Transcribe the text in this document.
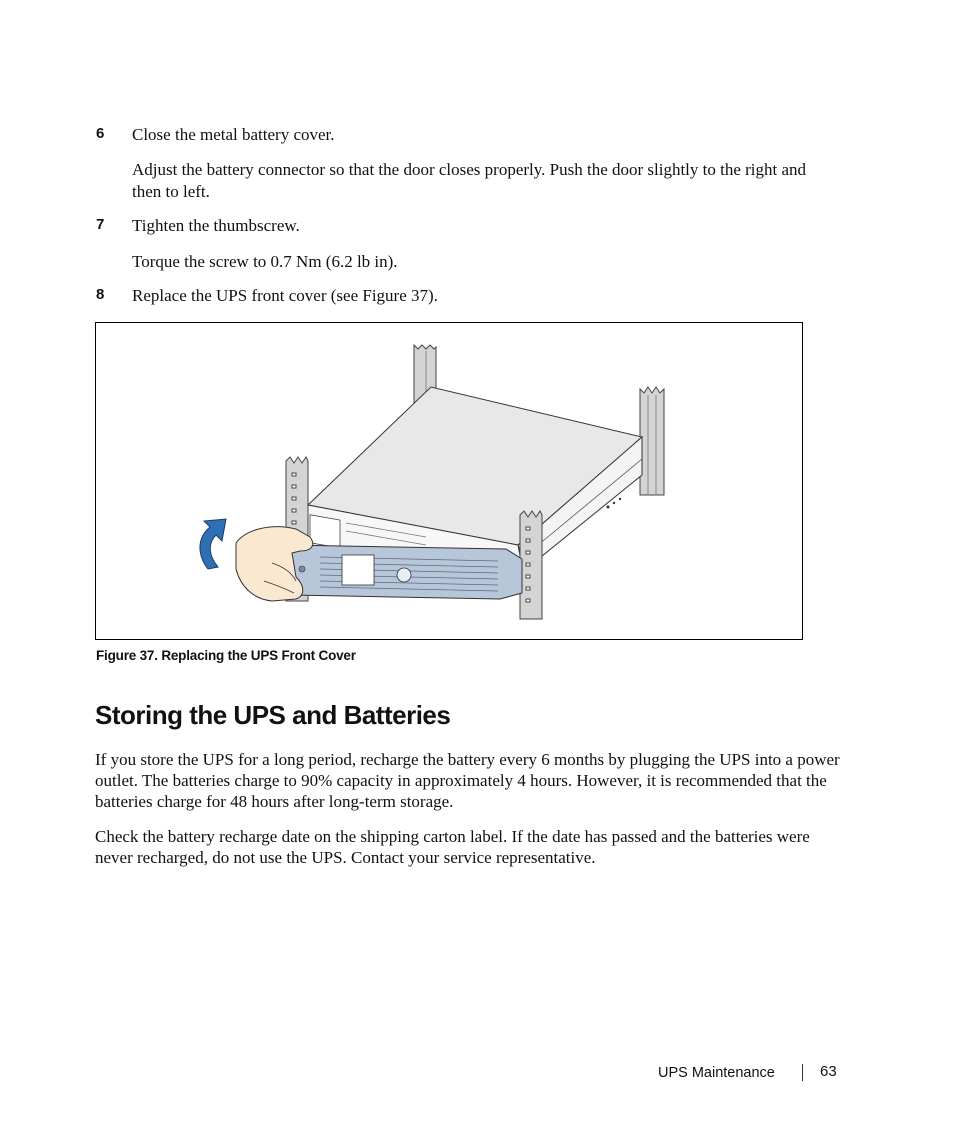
6 Close the metal battery cover.

Adjust the battery connector so that the door closes properly. Push the door slightly to the right and then to left.

7 Tighten the thumbscrew.

Torque the screw to 0.7 Nm (6.2 lb in).

8 Replace the UPS front cover (see Figure 37).
Figure 37. Replacing the UPS Front Cover
Storing the UPS and Batteries

If you store the UPS for a long period, recharge the battery every 6 months by plugging the UPS into a power outlet. The batteries charge to 90% capacity in approximately 4 hours. However, it is recommended that the batteries charge for 48 hours after long-term storage.

Check the battery recharge date on the shipping carton label. If the date has passed and the batteries were never recharged, do not use the UPS. Contact your service representative.

UPS Maintenance	63
